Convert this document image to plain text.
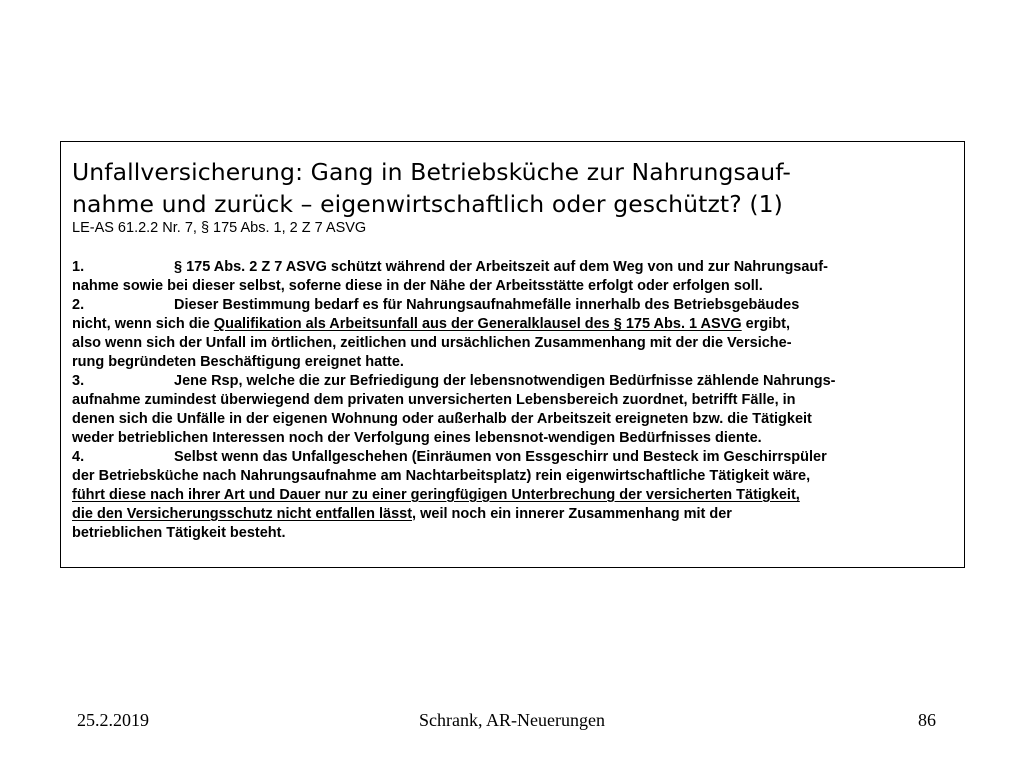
Unfallversicherung: Gang in Betriebsküche zur Nahrungsauf-
nahme und zurück – eigenwirtschaftlich oder geschützt? (1)
LE-AS 61.2.2 Nr. 7, § 175 Abs. 1, 2 Z 7 ASVG
1.	§ 175 Abs. 2 Z 7 ASVG schützt während der Arbeitszeit auf dem Weg von und zur Nahrungsauf-
nahme sowie bei dieser selbst, soferne diese in der Nähe der Arbeitsstätte erfolgt oder erfolgen soll.
2.	Dieser Bestimmung bedarf es für Nahrungsaufnahmefälle innerhalb des Betriebsgebäudes
nicht, wenn sich die Qualifikation als Arbeitsunfall aus der Generalklausel des § 175 Abs. 1 ASVG ergibt,
also wenn sich der Unfall im örtlichen, zeitlichen und ursächlichen Zusammenhang mit der die Versiche-
rung begründeten Beschäftigung ereignet hatte.
3.	Jene Rsp, welche die zur Befriedigung der lebensnotwendigen Bedürfnisse zählende Nahrungs-
aufnahme zumindest überwiegend dem privaten unversicherten Lebensbereich zuordnet, betrifft Fälle, in
denen sich die Unfälle in der eigenen Wohnung oder außerhalb der Arbeitszeit ereigneten bzw. die Tätigkeit
weder betrieblichen Interessen noch der Verfolgung eines lebensnot-wendigen Bedürfnisses diente.
4.	Selbst wenn das Unfallgeschehen (Einräumen von Essgeschirr und Besteck im Geschirrspüler
der Betriebsküche nach Nahrungsaufnahme am Nachtarbeitsplatz) rein eigenwirtschaftliche Tätigkeit wäre,
führt diese nach ihrer Art und Dauer nur zu einer geringfügigen Unterbrechung der versicherten Tätigkeit,
die den Versicherungsschutz nicht entfallen lässt, weil noch ein innerer Zusammenhang mit der
betrieblichen Tätigkeit besteht.
25.2.2019	Schrank, AR-Neuerungen	86
